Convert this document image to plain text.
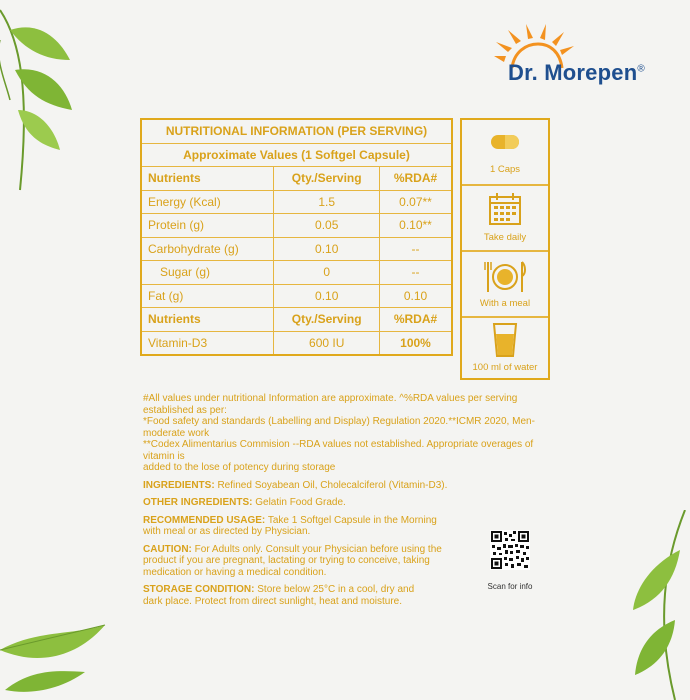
Dr. Morepen®
NUTRITIONAL INFORMATION (PER SERVING)		
Approximate Values (1 Softgel Capsule)		
Nutrients	Qty./Serving	%RDA#
Energy (Kcal)	1.5	0.07**
Protein (g)	0.05	0.10**
Carbohydrate (g)	0.10	--
Sugar (g)	0	--
Fat (g)	0.10	0.10
Nutrients	Qty./Serving	%RDA#
Vitamin-D3	600 IU	100%
1 Caps
Take daily
With a meal
100 ml of water

#All values under nutritional Information are approximate. ^%RDA values per serving established as per:
*Food safety and standards (Labelling and Display) Regulation 2020.**ICMR 2020, Men-moderate work
**Codex Alimentarius Commision --RDA values not established. Appropriate overages of vitamin is
added to the lose of potency during storage

INGREDIENTS: Refined Soyabean Oil, Cholecalciferol (Vitamin-D3).

OTHER INGREDIENTS: Gelatin Food Grade.

RECOMMENDED USAGE: Take 1 Softgel Capsule in the Morning
with meal or as directed by Physician.

CAUTION: For Adults only. Consult your Physician before using the
product if you are pregnant, lactating or trying to conceive, taking
medication or having a medical condition.

STORAGE CONDITION: Store below 25°C in a cool, dry and
dark place. Protect from direct sunlight, heat and moisture.

Scan for info
